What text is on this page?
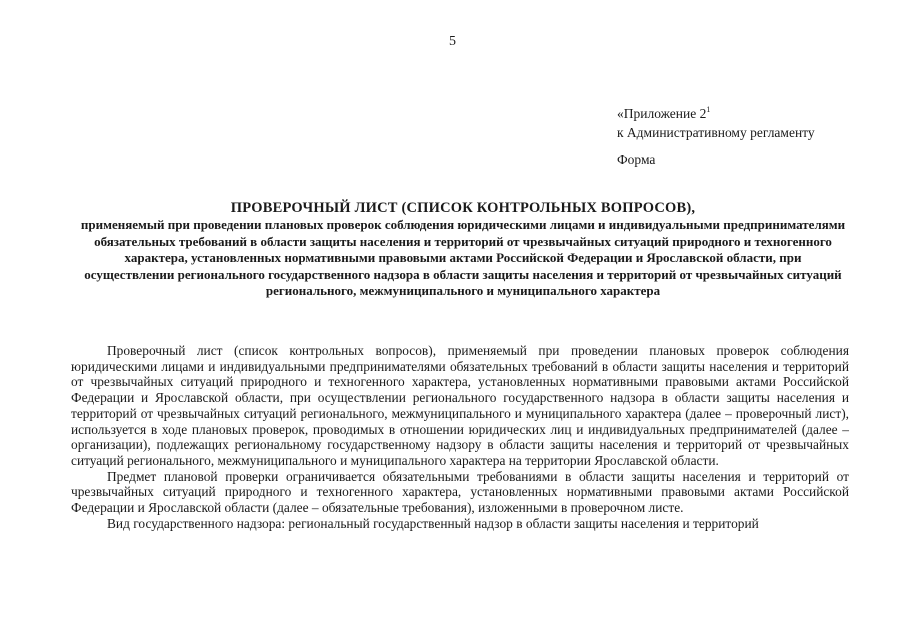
5
«Приложение $2^1$
к Административному регламенту
Форма
ПРОВЕРОЧНЫЙ ЛИСТ (СПИСОК КОНТРОЛЬНЫХ ВОПРОСОВ),
применяемый при проведении плановых проверок соблюдения юридическими лицами и индивидуальными предпринимателями обязательных требований в области защиты населения и территорий от чрезвычайных ситуаций природного и техногенного характера, установленных нормативными правовыми актами Российской Федерации и Ярославской области, при осуществлении регионального государственного надзора в области защиты населения и территорий от чрезвычайных ситуаций регионального, межмуниципального и муниципального характера

Проверочный лист (список контрольных вопросов), применяемый при проведении плановых проверок соблюдения юридическими лицами и индивидуальными предпринимателями обязательных требований в области защиты населения и территорий от чрезвычайных ситуаций природного и техногенного характера, установленных нормативными правовыми актами Российской Федерации и Ярославской области, при осуществлении регионального государственного надзора в области защиты населения и территорий от чрезвычайных ситуаций регионального, межмуниципального и муниципального характера (далее – проверочный лист), используется в ходе плановых проверок, проводимых в отношении юридических лиц и индивидуальных предпринимателей (далее – организации), подлежащих региональному государственному надзору в области защиты населения и территорий от чрезвычайных ситуаций регионального, межмуниципального и муниципального характера на территории Ярославской области.

Предмет плановой проверки ограничивается обязательными требованиями в области защиты населения и территорий от чрезвычайных ситуаций природного и техногенного характера, установленных нормативными правовыми актами Российской Федерации и Ярославской области (далее – обязательные требования), изложенными в проверочном листе.

Вид государственного надзора: региональный государственный надзор в области защиты населения и территорий
